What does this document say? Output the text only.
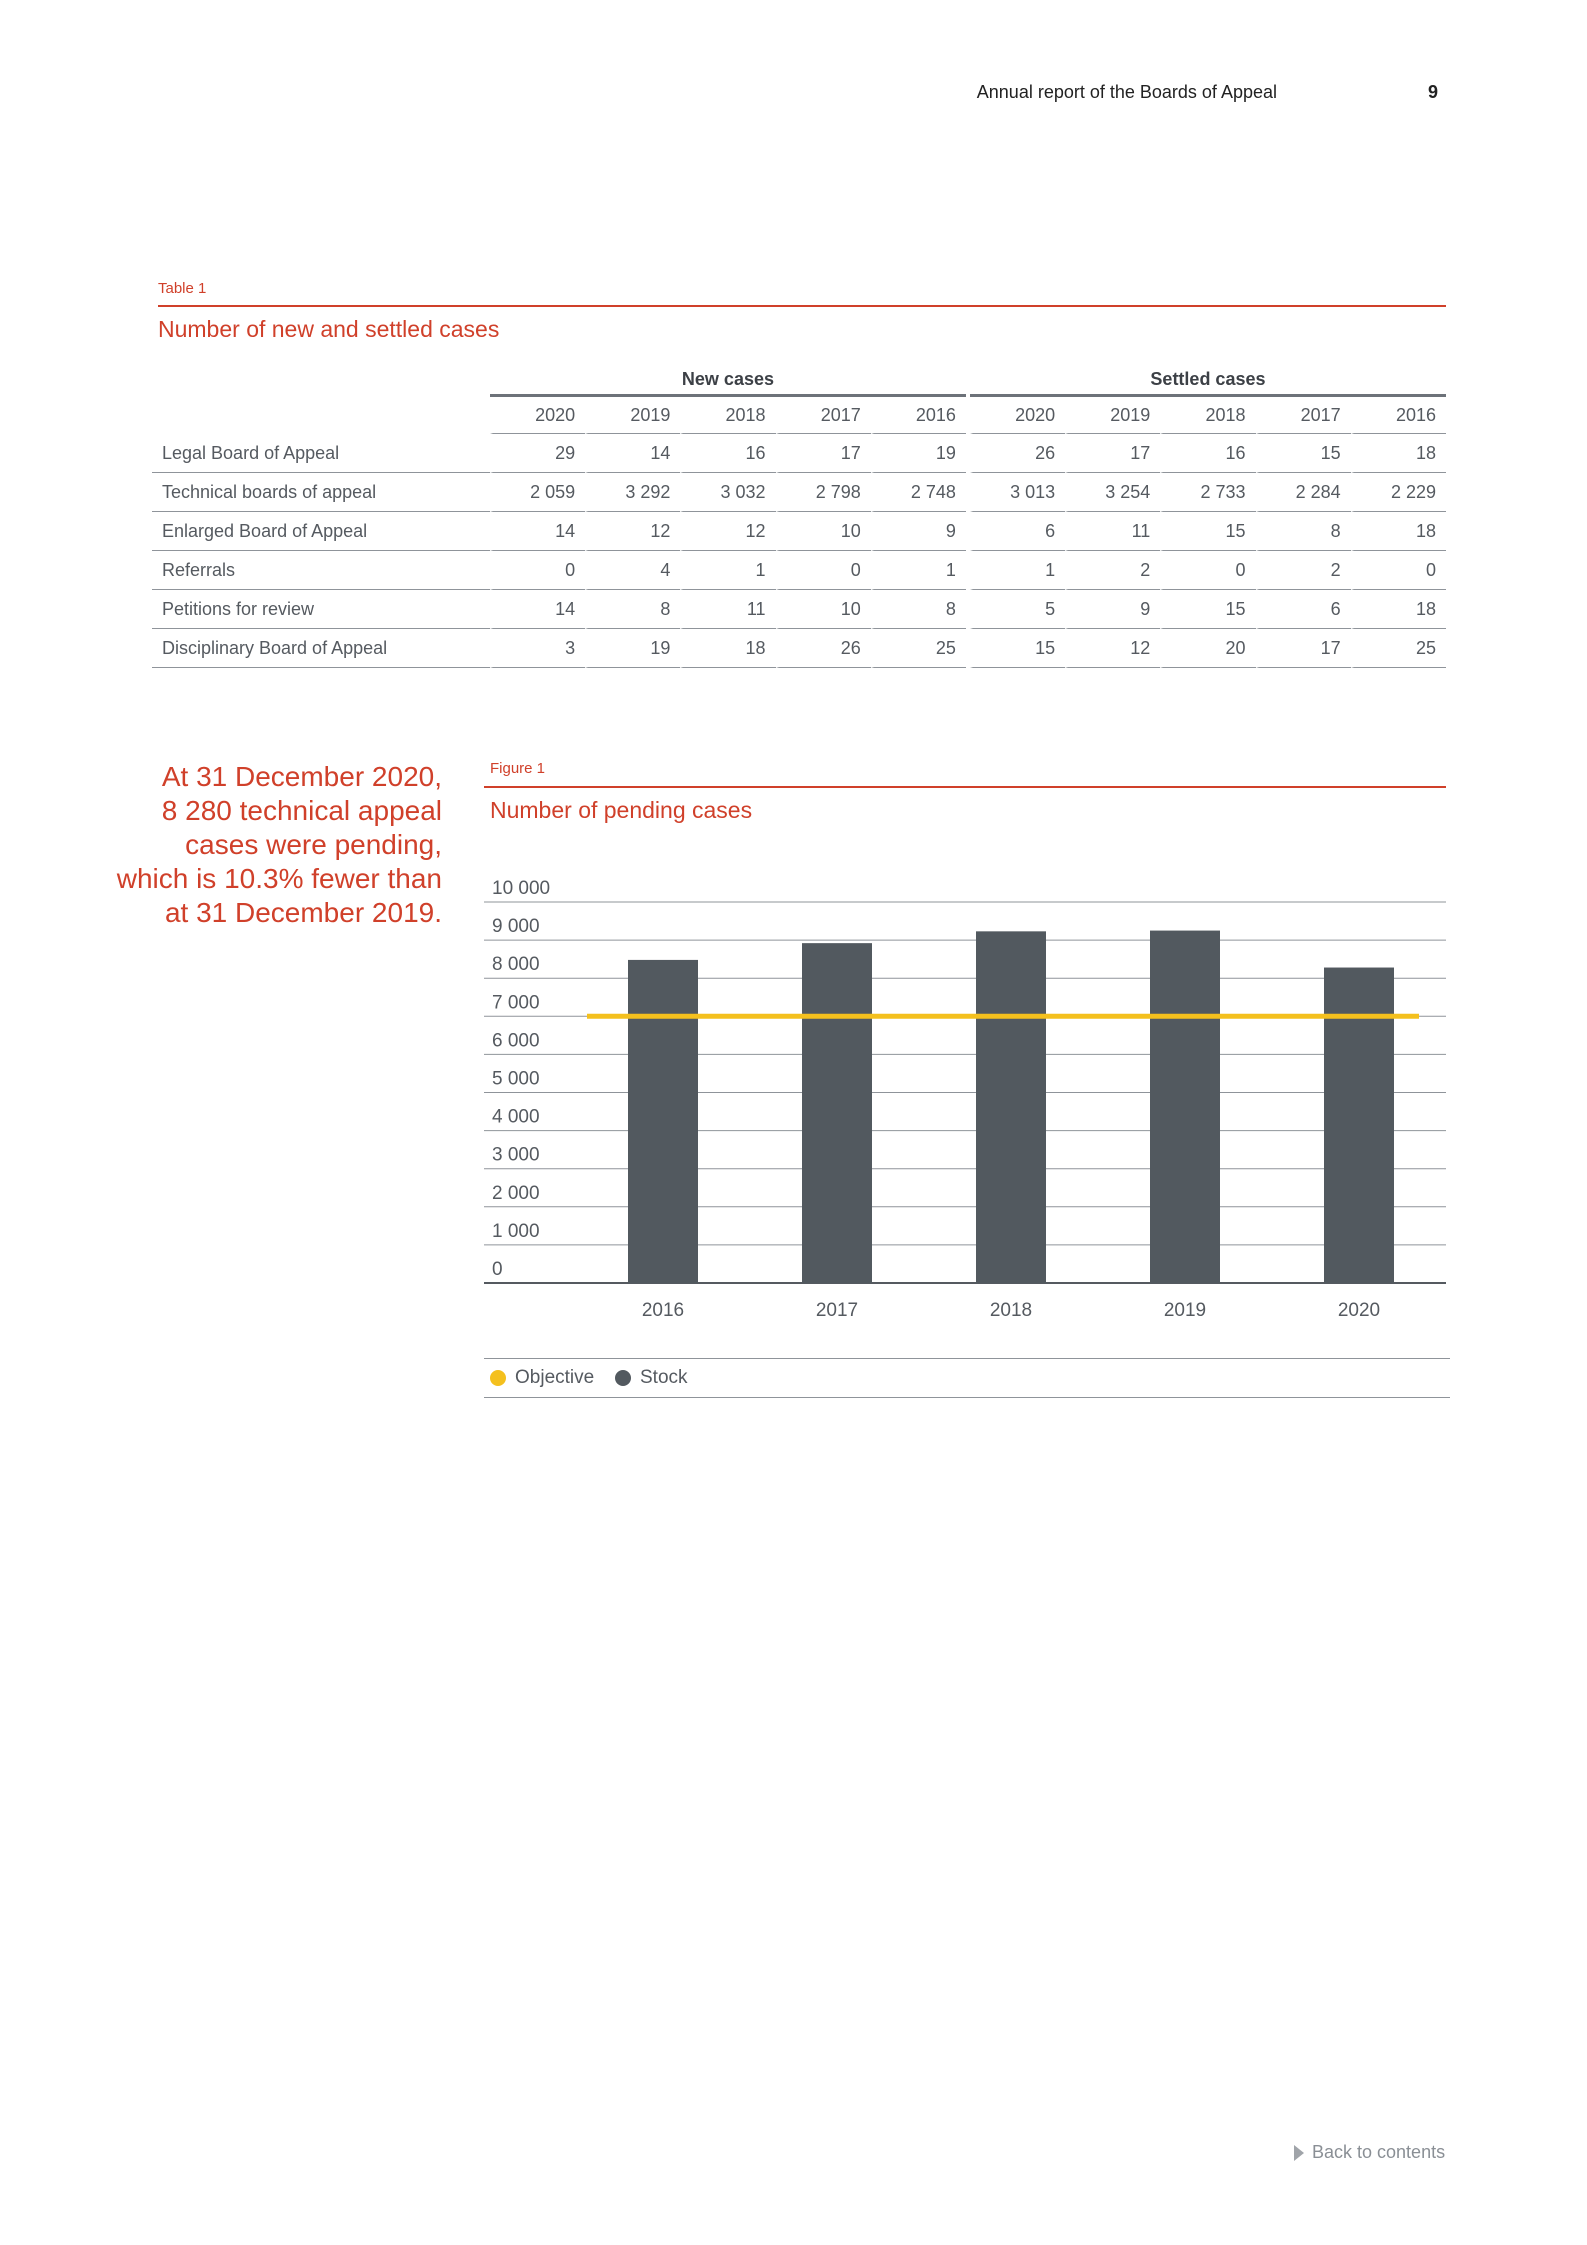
Annual report of the Boards of Appeal	9
Table 1
Number of new and settled cases
	New cases						Settled cases				
	2020	2019	2018	2017	2016		2020	2019	2018	2017	2016
Legal Board of Appeal	29	14	16	17	19		26	17	16	15	18
Technical boards of appeal	2 059	3 292	3 032	2 798	2 748		3 013	3 254	2 733	2 284	2 229
Enlarged Board of Appeal	14	12	12	10	9		6	11	15	8	18
Referrals	0	4	1	0	1		1	2	0	2	0
Petitions for review	14	8	11	10	8		5	9	15	6	18
Disciplinary Board of Appeal	3	19	18	26	25		15	12	20	17	25
At 31 December 2020,
8 280 technical appeal
cases were pending,
which is 10.3% fewer than
at 31 December 2019.
Figure 1
Number of pending cases
0
1 000
2 000
3 000
4 000
5 000
6 000
7 000
8 000
9 000
10 000
2016	2017	2018	2019	2020
Objective Stock
Back to contents
